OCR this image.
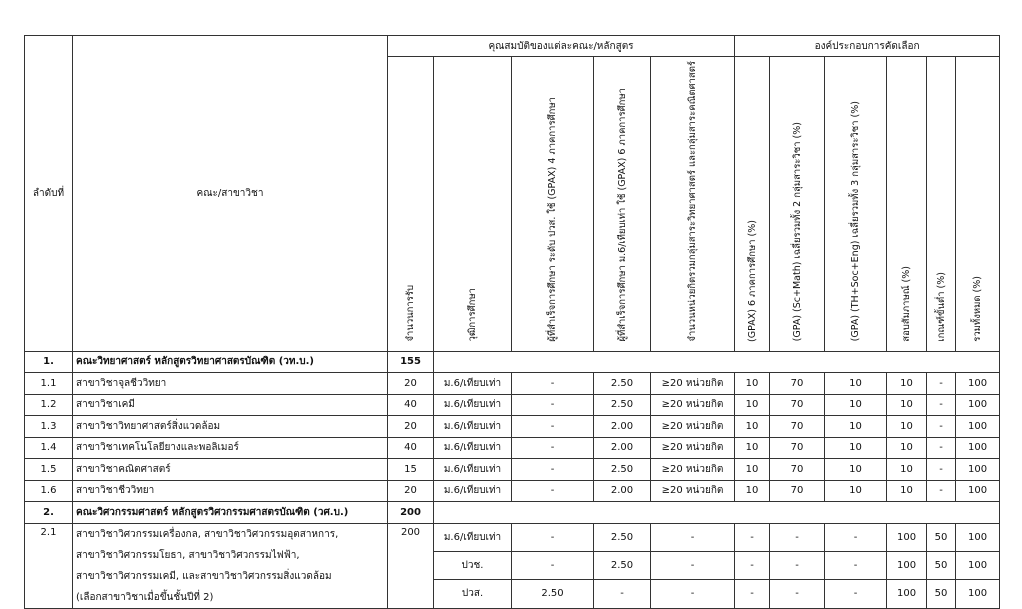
ลำดับที่	คณะ/สาขาวิชา	คุณสมบัติของแต่ละคณะ/หลักสูตร					องค์ประกอบการคัดเลือก					
		จำนวนการรับ	วุฒิการศึกษา	ผู้ที่สำเร็จการศึกษา ระดับ ปวส. ใช้ (GPAX) 4 ภาคการศึกษา	ผู้ที่สำเร็จการศึกษา ม.6/เทียบเท่า ใช้ (GPAX) 6 ภาคการศึกษา	จำนวนหน่วยกิตรวมกลุ่มสาระวิทยาศาสตร์ และกลุ่มสาระคณิตศาสตร์	(GPAX) 6 ภาคการศึกษา (%)	(GPA) (Sc+Math) เฉลี่ยรวมทั้ง 2 กลุ่มสาระวิชา (%)	(GPA) (TH+Soc+Eng) เฉลี่ยรวมทั้ง 3 กลุ่มสาระวิชา (%)	สอบสัมภาษณ์ (%)	เกณฑ์ขั้นต่ำ (%)	รวมทั้งหมด (%)
1.	คณะวิทยาศาสตร์ หลักสูตรวิทยาศาสตรบัณฑิต (วท.บ.)	155										
1.1	สาขาวิชาจุลชีววิทยา	20	ม.6/เทียบเท่า	-	2.50	≥20 หน่วยกิต	10	70	10	10	-	100
1.2	สาขาวิชาเคมี	40	ม.6/เทียบเท่า	-	2.50	≥20 หน่วยกิต	10	70	10	10	-	100
1.3	สาขาวิชาวิทยาศาสตร์สิ่งแวดล้อม	20	ม.6/เทียบเท่า	-	2.00	≥20 หน่วยกิต	10	70	10	10	-	100
1.4	สาขาวิชาเทคโนโลยียางและพอลิเมอร์	40	ม.6/เทียบเท่า	-	2.00	≥20 หน่วยกิต	10	70	10	10	-	100
1.5	สาขาวิชาคณิตศาสตร์	15	ม.6/เทียบเท่า	-	2.50	≥20 หน่วยกิต	10	70	10	10	-	100
1.6	สาขาวิชาชีววิทยา	20	ม.6/เทียบเท่า	-	2.00	≥20 หน่วยกิต	10	70	10	10	-	100
2.	คณะวิศวกรรมศาสตร์ หลักสูตรวิศวกรรมศาสตรบัณฑิต (วศ.บ.)	200										
2.1	สาขาวิชาวิศวกรรมเครื่องกล, สาขาวิชาวิศวกรรมอุตสาหการ,
สาขาวิชาวิศวกรรมโยธา, สาขาวิชาวิศวกรรมไฟฟ้า,
สาขาวิชาวิศวกรรมเคมี, และสาขาวิชาวิศวกรรมสิ่งแวดล้อม
(เลือกสาขาวิชาเมื่อขึ้นชั้นปีที่ 2)	200	ม.6/เทียบเท่า	-	2.50	-	-	-	-	100	50	100
			ปวช.	-	2.50	-	-	-	-	100	50	100
			ปวส.	2.50	-	-	-	-	-	100	50	100
